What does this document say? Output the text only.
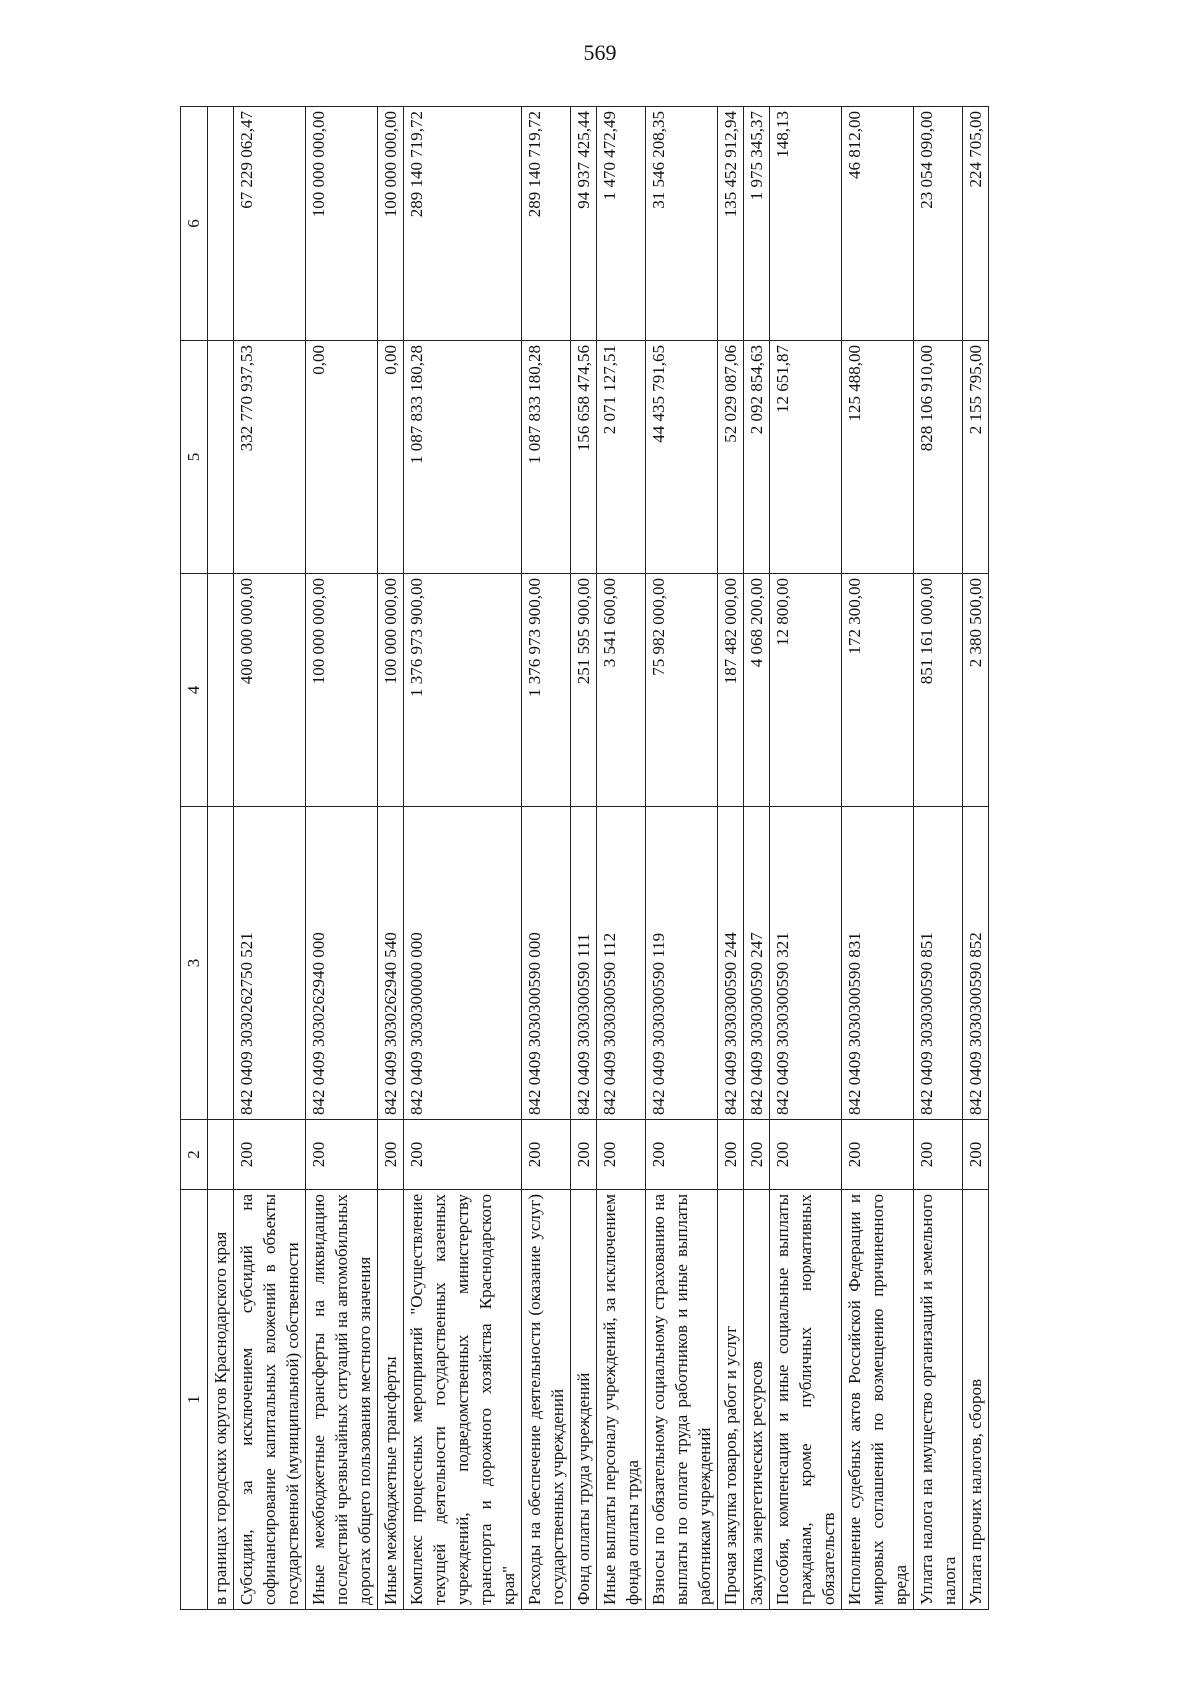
569
1	2	3	4	5	6
в границах городских округов Краснодарского края					
Субсидии, за исключением субсидий на софинансирование капитальных вложений в объекты государственной (муниципальной) собственности	200	842 0409 3030262750 521	400 000 000,00	332 770 937,53	67 229 062,47
Иные межбюджетные трансферты на ликвидацию последствий чрезвычайных ситуаций на автомобильных дорогах общего пользования местного значения	200	842 0409 3030262940 000	100 000 000,00	0,00	100 000 000,00
Иные межбюджетные трансферты	200	842 0409 3030262940 540	100 000 000,00	0,00	100 000 000,00
Комплекс процессных мероприятий "Осуществление текущей деятельности государственных казенных учреждений, подведомственных министерству транспорта и дорожного хозяйства Краснодарского края"	200	842 0409 3030300000 000	1 376 973 900,00	1 087 833 180,28	289 140 719,72
Расходы на обеспечение деятельности (оказание услуг) государственных учреждений	200	842 0409 3030300590 000	1 376 973 900,00	1 087 833 180,28	289 140 719,72
Фонд оплаты труда учреждений	200	842 0409 3030300590 111	251 595 900,00	156 658 474,56	94 937 425,44
Иные выплаты персоналу учреждений, за исключением фонда оплаты труда	200	842 0409 3030300590 112	3 541 600,00	2 071 127,51	1 470 472,49
Взносы по обязательному социальному страхованию на выплаты по оплате труда работников и иные выплаты работникам учреждений	200	842 0409 3030300590 119	75 982 000,00	44 435 791,65	31 546 208,35
Прочая закупка товаров, работ и услуг	200	842 0409 3030300590 244	187 482 000,00	52 029 087,06	135 452 912,94
Закупка энергетических ресурсов	200	842 0409 3030300590 247	4 068 200,00	2 092 854,63	1 975 345,37
Пособия, компенсации и иные социальные выплаты гражданам, кроме публичных нормативных обязательств	200	842 0409 3030300590 321	12 800,00	12 651,87	148,13
Исполнение судебных актов Российской Федерации и мировых соглашений по возмещению причиненного вреда	200	842 0409 3030300590 831	172 300,00	125 488,00	46 812,00
Уплата налога на имущество организаций и земельного налога	200	842 0409 3030300590 851	851 161 000,00	828 106 910,00	23 054 090,00
Уплата прочих налогов, сборов	200	842 0409 3030300590 852	2 380 500,00	2 155 795,00	224 705,00
